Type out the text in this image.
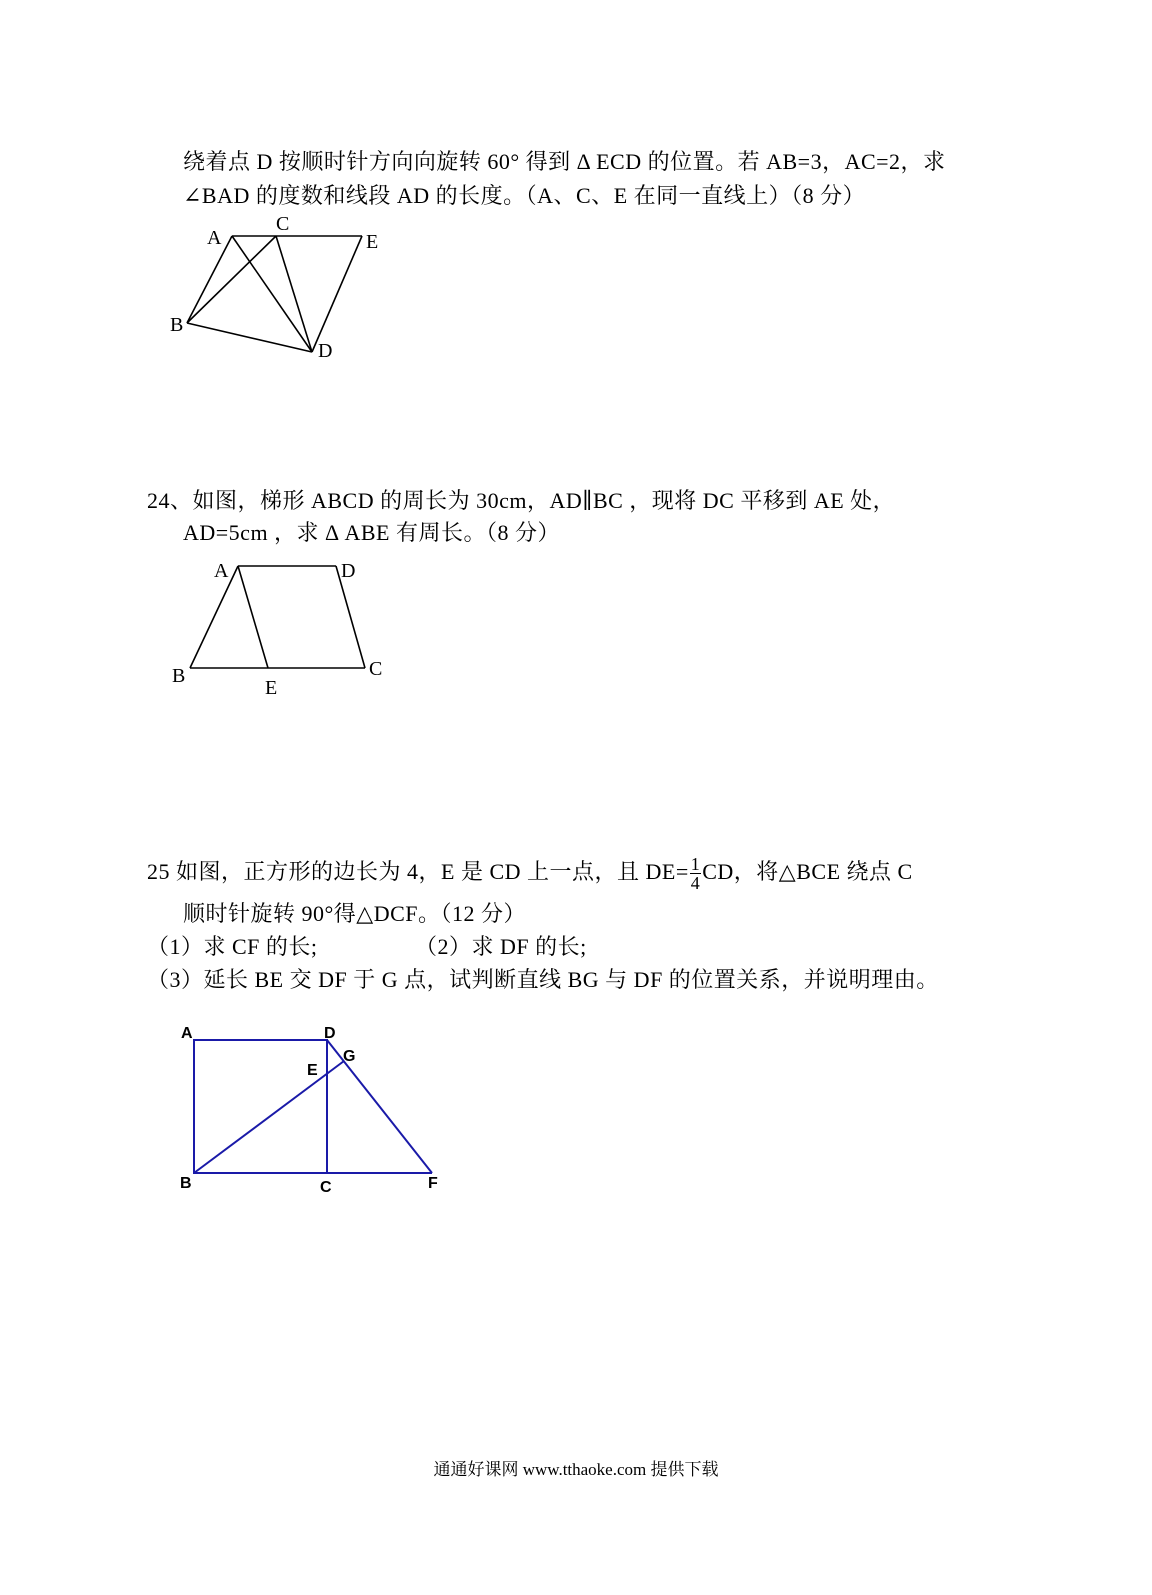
绕着点 D 按顺时针方向向旋转 60° 得到 Δ ECD 的位置。若 AB=3，AC=2，求
∠BAD 的度数和线段 AD 的长度。（A、C、E 在同一直线上）（8 分）
A
C
E
B
D
24、如图，梯形 ABCD 的周长为 30cm，AD∥BC ，现将 DC 平移到 AE 处，
AD=5cm ，求 Δ ABE 有周长。（8 分）
A	D
B	C
E
25 如图，正方形的边长为 4，E 是 CD 上一点，且 $DE= \frac{1}{4}$ CD，将△BCE 绕点 C
顺时针旋转 90°得△DCF。（12 分）
（1）求 CF 的长;	（2）求 DF 的长;
（3）延长 BE 交 DF 于 G 点，试判断直线 BG 与 DF 的位置关系，并说明理由。
A	D
G
E
B	C	F
通通好课网 www.tthaoke.com 提供下载
